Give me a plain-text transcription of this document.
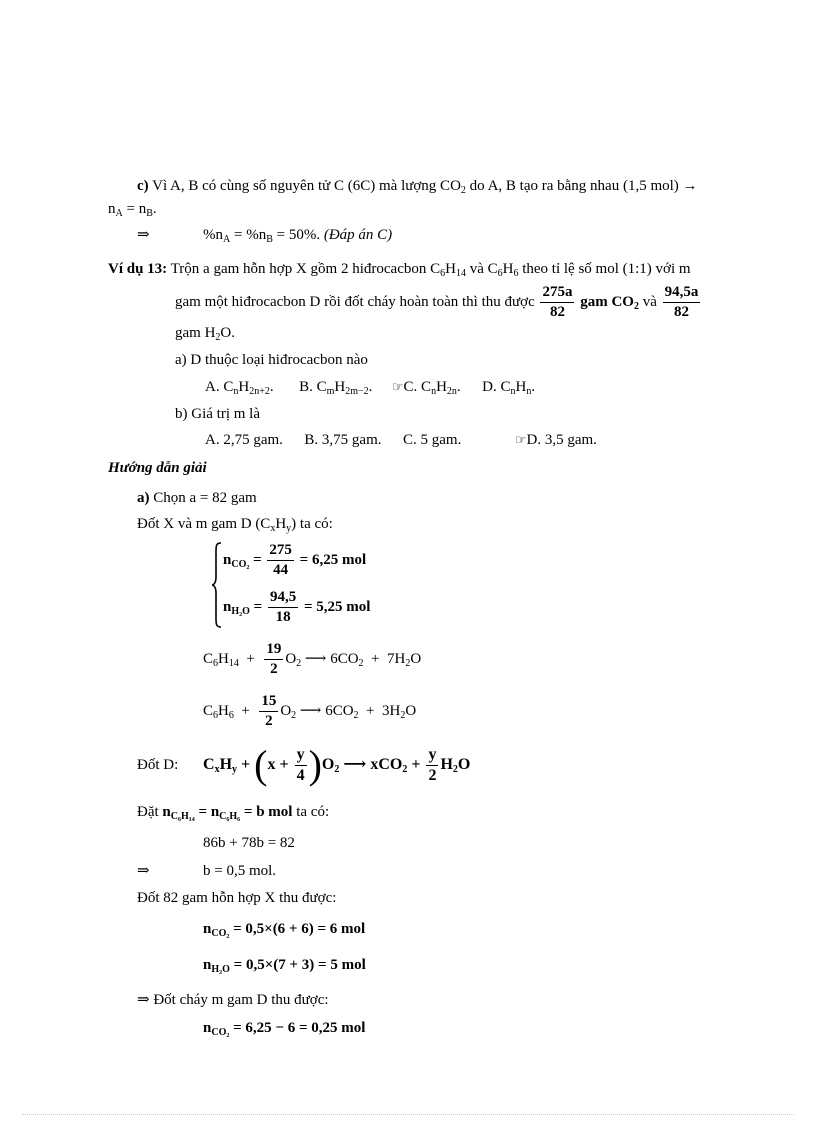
c) Vì A, B có cùng số nguyên tử C (6C) mà lượng $CO_2$ do A, B tạo ra bằng nhau (1,5 mol) →
$n_A = n_B$.
⇒	$\%n_A = \%n_B = 50\%$. (Đáp án C)
Ví dụ 13: Trộn a gam hỗn hợp X gồm 2 hiđrocacbon $C_6H_{14}$ và $C_6H_6$ theo tỉ lệ số mol (1:1) với m
gam một hiđrocacbon D rồi đốt cháy hoàn toàn thì thu được $\frac{275a}{82}$ gam $CO_2$ và $\frac{94,5a}{82}$
gam $H_2O$.
a) D thuộc loại hiđrocacbon nào
A. $C_nH_{2n+2}$. B. $C_mH_{2m-2}$. ☞C. $C_nH_{2n}$. D. $C_nH_n$.
b) Giá trị m là
A. 2,75 gam. B. 3,75 gam. C. 5 gam.	☞D. 3,5 gam.
Hướng dẫn giải
a) Chọn a = 82 gam
Đốt X và m gam D $(C_xH_y)$ ta có:
$n_{CO_2} = \frac{275}{44} = 6,25$ mol
$n_{H_2O} = \frac{94,5}{18} = 5,25$ mol
$C_6H_{14} + \frac{19}{2} O_2$ ⟶ $6CO_2 + 7H_2O$
$C_6H_6 + \frac{15}{2} O_2$ ⟶ $6CO_2 + 3H_2O$
Đốt D: $C_xH_y + (x + \frac{y}{4} )O_2$ ⟶ $xCO_2 + \frac{y}{2} H_2O$
Đặt $n_{C_6H_{14}} = n_{C_6H_6} = b$ mol ta có:
86b + 78b = 82
⇒	b = 0,5 mol.
Đốt 82 gam hỗn hợp X thu được:
$n_{CO_2} = 0,5\times(6 + 6) = 6$ mol
$n_{H_2O} = 0,5\times(7 + 3) = 5$ mol
⇒ Đốt cháy m gam D thu được:
$n_{CO_2} = 6,25 - 6 = 0,25$ mol
